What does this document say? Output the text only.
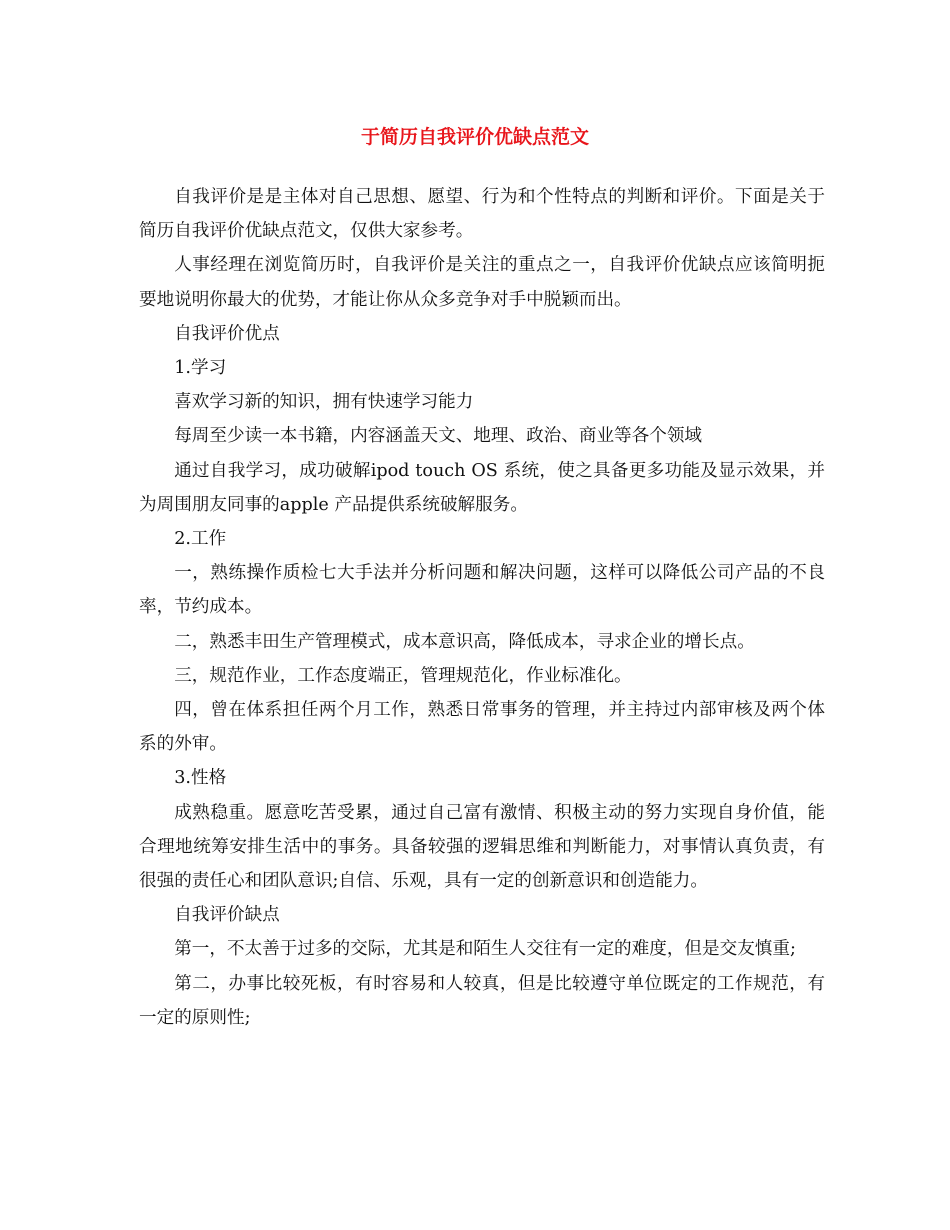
于简历自我评价优缺点范文

自我评价是是主体对自己思想、愿望、行为和个性特点的判断和评价。下面是关于简历自我评价优缺点范文，仅供大家参考。

人事经理在浏览简历时，自我评价是关注的重点之一，自我评价优缺点应该简明扼要地说明你最大的优势，才能让你从众多竞争对手中脱颖而出。

自我评价优点

1.学习

喜欢学习新的知识，拥有快速学习能力

每周至少读一本书籍，内容涵盖天文、地理、政治、商业等各个领域

通过自我学习，成功破解ipod touch OS 系统，使之具备更多功能及显示效果，并为周围朋友同事的apple 产品提供系统破解服务。

2.工作

一，熟练操作质检七大手法并分析问题和解决问题，这样可以降低公司产品的不良率，节约成本。

二，熟悉丰田生产管理模式，成本意识高，降低成本，寻求企业的增长点。

三，规范作业，工作态度端正，管理规范化，作业标准化。

四，曾在体系担任两个月工作，熟悉日常事务的管理，并主持过内部审核及两个体系的外审。

3.性格

成熟稳重。愿意吃苦受累，通过自己富有激情、积极主动的努力实现自身价值，能合理地统筹安排生活中的事务。具备较强的逻辑思维和判断能力，对事情认真负责，有很强的责任心和团队意识;自信、乐观，具有一定的创新意识和创造能力。

自我评价缺点

第一，不太善于过多的交际，尤其是和陌生人交往有一定的难度，但是交友慎重;

第二，办事比较死板，有时容易和人较真，但是比较遵守单位既定的工作规范，有一定的原则性;
